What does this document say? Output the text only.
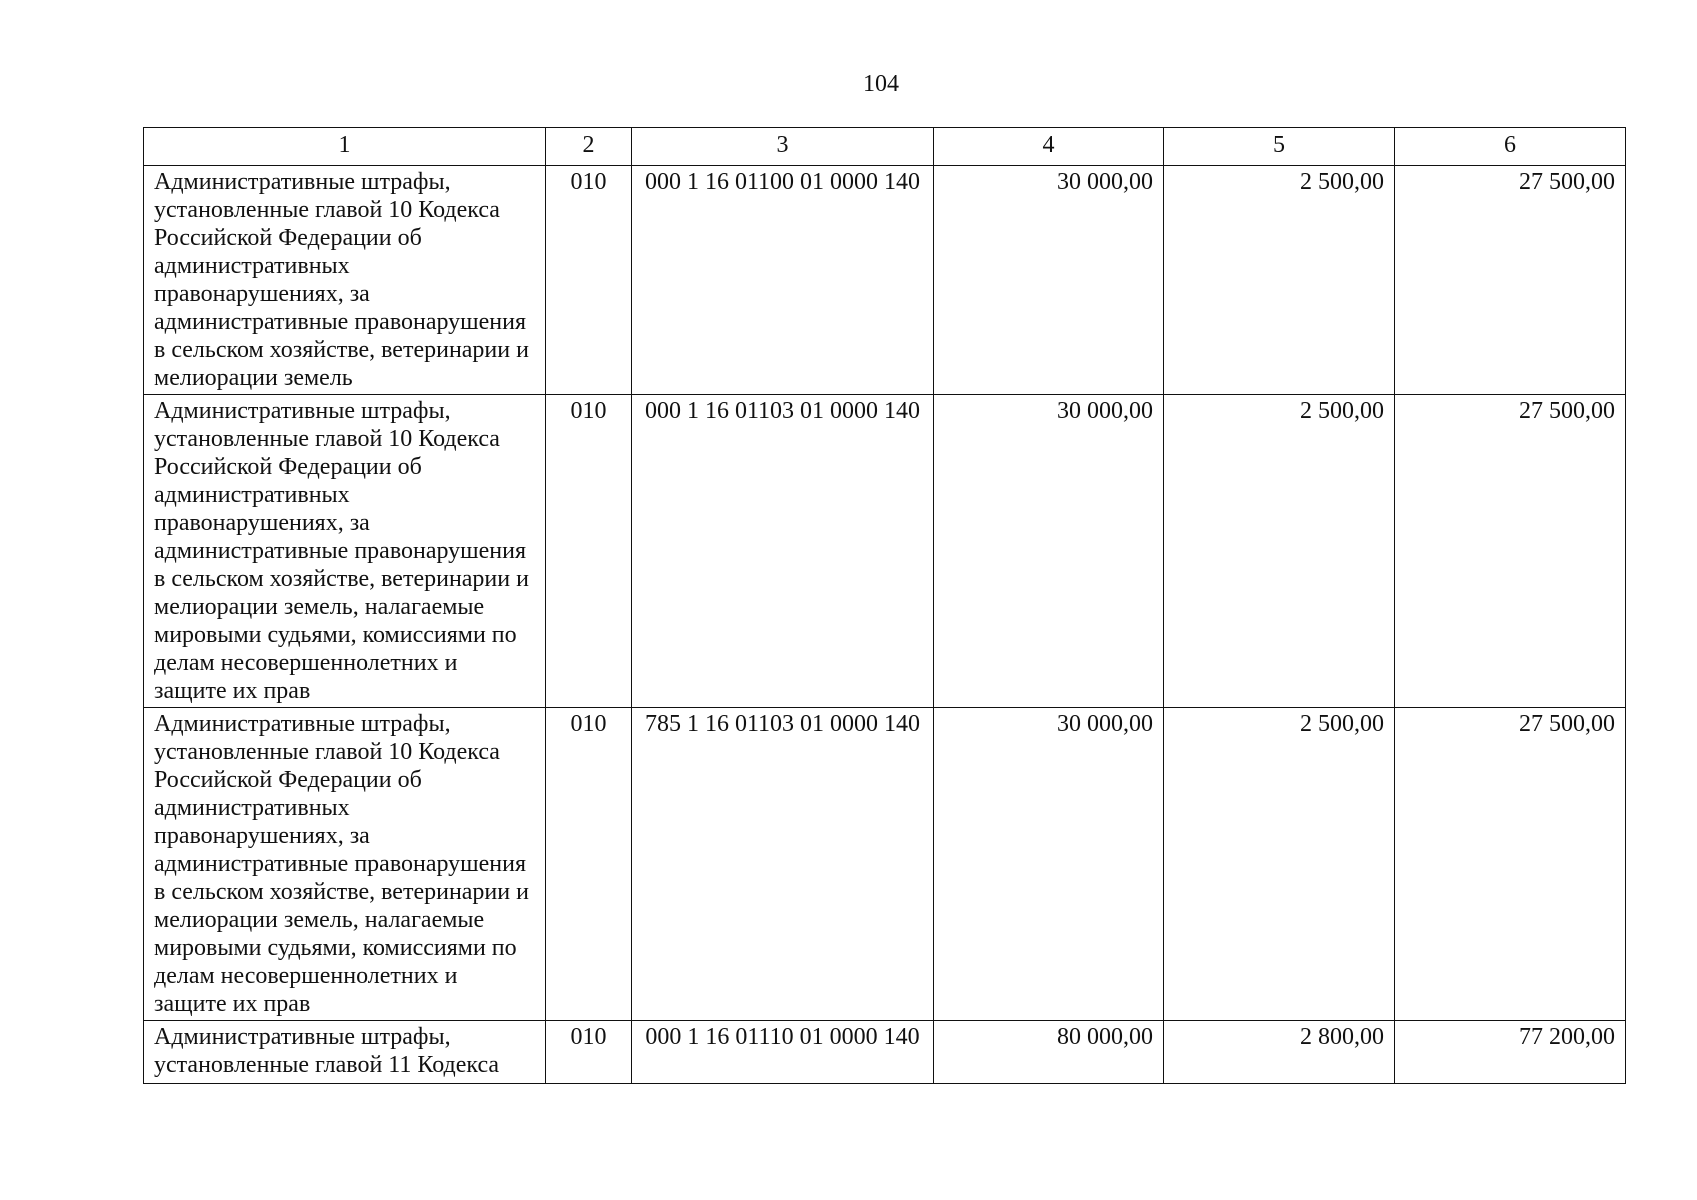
104
1	2	3	4	5	6
Административные штрафы, установленные главой 10 Кодекса Российской Федерации об административных правонарушениях, за административные правонарушения в сельском хозяйстве, ветеринарии и мелиорации земель	010	000 1 16 01100 01 0000 140	30 000,00	2 500,00	27 500,00
Административные штрафы, установленные главой 10 Кодекса Российской Федерации об административных правонарушениях, за административные правонарушения в сельском хозяйстве, ветеринарии и мелиорации земель, налагаемые мировыми судьями, комиссиями по делам несовершеннолетних и защите их прав	010	000 1 16 01103 01 0000 140	30 000,00	2 500,00	27 500,00
Административные штрафы, установленные главой 10 Кодекса Российской Федерации об административных правонарушениях, за административные правонарушения в сельском хозяйстве, ветеринарии и мелиорации земель, налагаемые мировыми судьями, комиссиями по делам несовершеннолетних и защите их прав	010	785 1 16 01103 01 0000 140	30 000,00	2 500,00	27 500,00
Административные штрафы, установленные главой 11 Кодекса	010	000 1 16 01110 01 0000 140	80 000,00	2 800,00	77 200,00
